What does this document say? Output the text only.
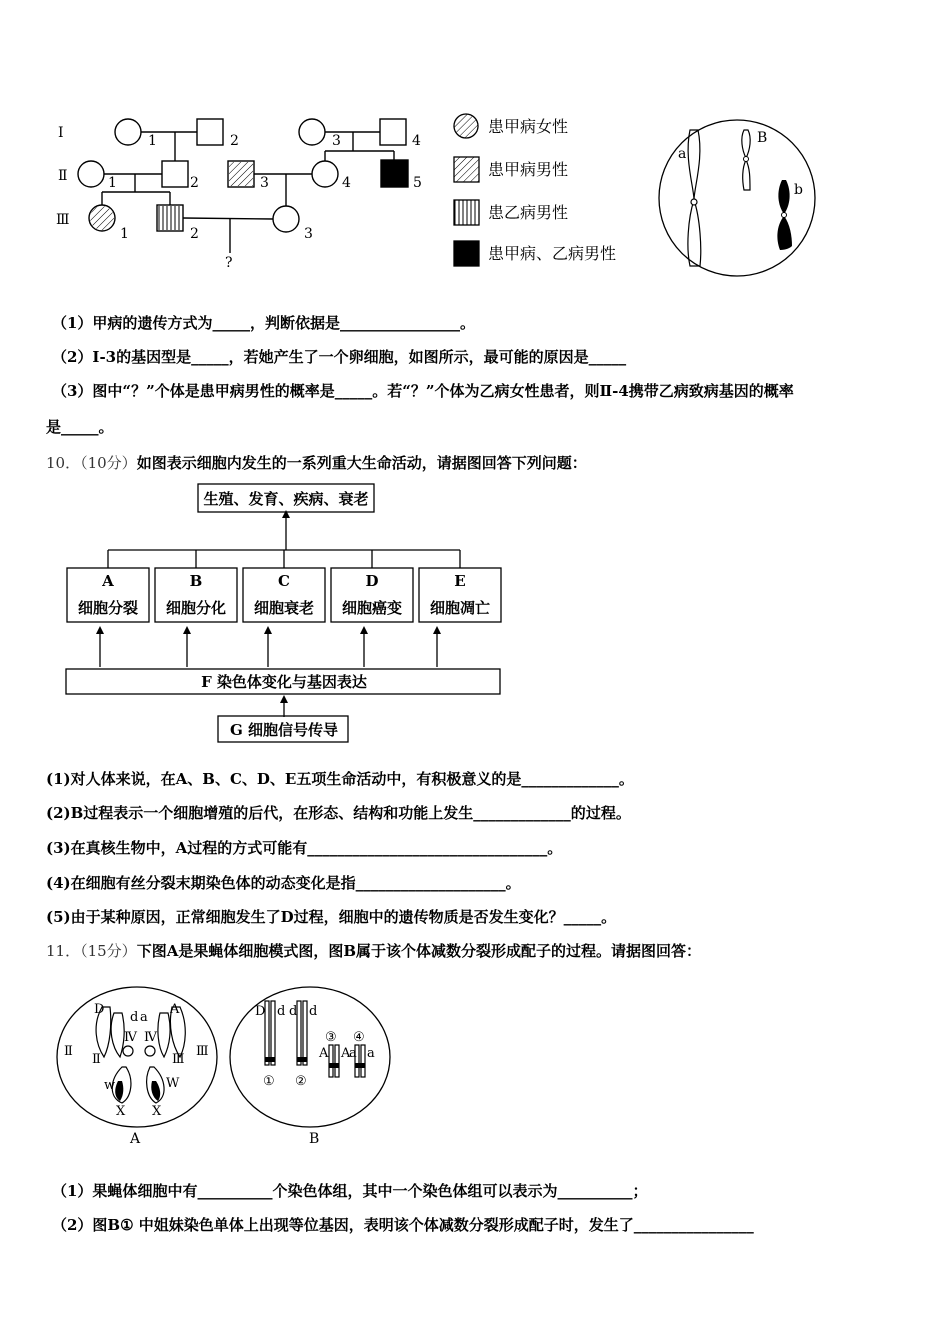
Ⅰ
Ⅱ
Ⅲ
1	2	3	4
1	2	3	4	5
1	2	3
?
患甲病女性
患甲病男性
患乙病男性
患甲病、乙病男性
a
B
b
（1）甲病的遗传方式为_____，判断依据是________________。
（2）Ⅰ-3的基因型是_____，若她产生了一个卵细胞，如图所示，最可能的原因是_____
（3）图中“？”个体是患甲病男性的概率是_____。若“？”个体为乙病女性患者，则Ⅱ-4携带乙病致病基因的概率
是_____。
10．（10分）如图表示细胞内发生的一系列重大生命活动，请据图回答下列问题：
生殖、发育、疾病、衰老
A
细胞分裂
B
细胞分化
C
细胞衰老
D
细胞癌变
E
细胞凋亡
F 染色体变化与基因表达
G 细胞信号传导
(1)对人体来说，在A、B、C、D、E五项生命活动中，有积极意义的是_____________。
(2)B过程表示一个细胞增殖的后代，在形态、结构和功能上发生_____________的过程。
(3)在真核生物中，A过程的方式可能有________________________________。
(4)在细胞有丝分裂末期染色体的动态变化是指____________________。
(5)由于某种原因，正常细胞发生了D过程，细胞中的遗传物质是否发生变化？_____。
11．（15分）下图A是果蝇体细胞模式图，图B属于该个体减数分裂形成配子的过程。请据图回答：
D
d a
A
Ⅱ
Ⅱ
Ⅳ Ⅳ
Ⅲ
Ⅲ
w	W
X X
A
D d d d
③ ④
A A
a a
① ②
B
（1）果蝇体细胞中有__________个染色体组，其中一个染色体组可以表示为__________；
（2）图B① 中姐妹染色单体上出现等位基因，表明该个体减数分裂形成配子时，发生了________________
